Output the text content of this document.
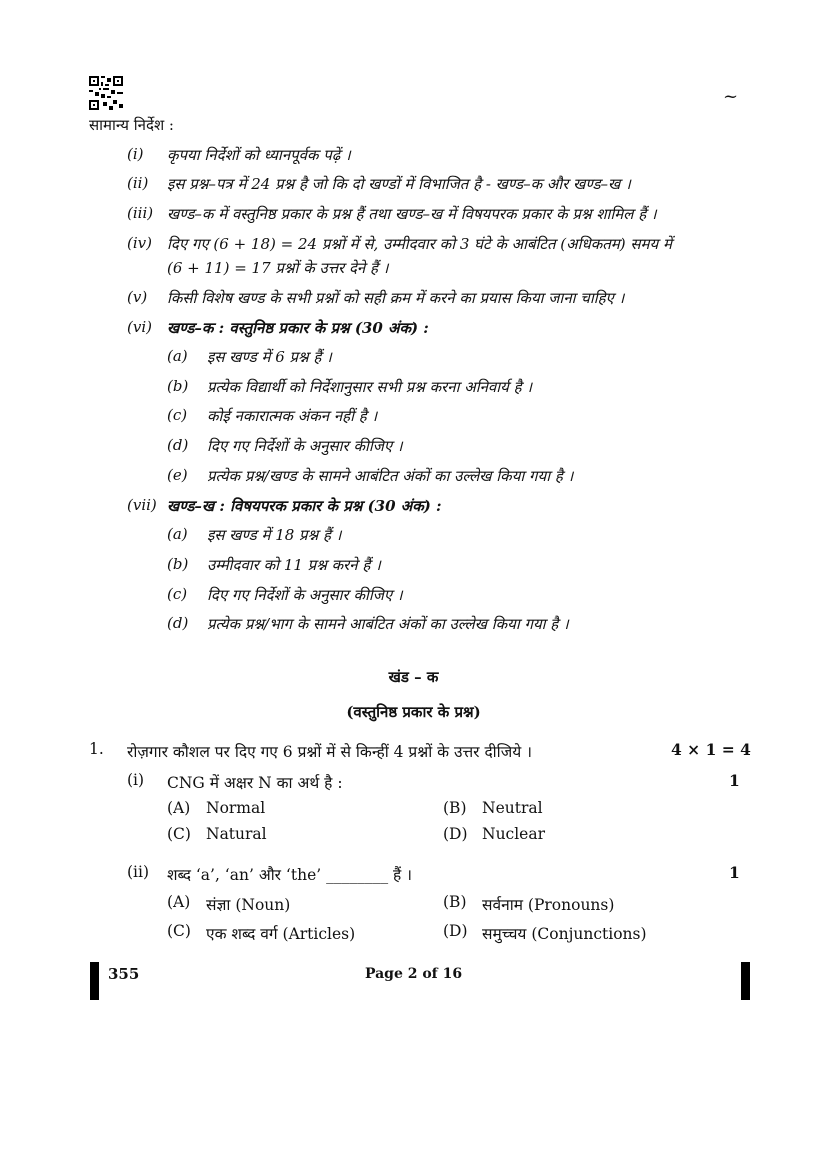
~
सामान्य निर्देश :
(i) कृपया निर्देशों को ध्यानपूर्वक पढ़ें ।
(ii) इस प्रश्न–पत्र में 24 प्रश्न है जो कि दो खण्डों में विभाजित है - खण्ड–क और खण्ड–ख ।
(iii) खण्ड–क में वस्तुनिष्ठ प्रकार के प्रश्न हैं तथा खण्ड–ख में विषयपरक प्रकार के प्रश्न शामिल हैं ।
(iv) दिए गए (6 + 18) = 24 प्रश्नों में से, उम्मीदवार को 3 घंटे के आबंटित (अधिकतम) समय में
(6 + 11) = 17 प्रश्नों के उत्तर देने हैं ।
(v) किसी विशेष खण्ड के सभी प्रश्नों को सही क्रम में करने का प्रयास किया जाना चाहिए ।
(vi) खण्ड–क : वस्तुनिष्ठ प्रकार के प्रश्न (30 अंक) :
(a) इस खण्ड में 6 प्रश्न हैं ।
(b) प्रत्येक विद्यार्थी को निर्देशानुसार सभी प्रश्न करना अनिवार्य है ।
(c) कोई नकारात्मक अंकन नहीं है ।
(d) दिए गए निर्देशों के अनुसार कीजिए ।
(e) प्रत्येक प्रश्न/खण्ड के सामने आबंटित अंकों का उल्लेख किया गया है ।
(vii) खण्ड–ख : विषयपरक प्रकार के प्रश्न (30 अंक) :
(a) इस खण्ड में 18 प्रश्न हैं ।
(b) उम्मीदवार को 11 प्रश्न करने हैं ।
(c) दिए गए निर्देशों के अनुसार कीजिए ।
(d) प्रत्येक प्रश्न/भाग के सामने आबंटित अंकों का उल्लेख किया गया है ।
खंड – क
(वस्तुनिष्ठ प्रकार के प्रश्न)
1. रोज़गार कौशल पर दिए गए 6 प्रश्नों में से किन्हीं 4 प्रश्नों के उत्तर दीजिये ।	4 × 1 = 4
(i) CNG में अक्षर N का अर्थ है :	1
(A) Normal	(B) Neutral
(C) Natural	(D) Nuclear
(ii) शब्द ‘a’, ‘an’ और ‘the’ ________ हैं ।	1
(A) संज्ञा (Noun)	(B) सर्वनाम (Pronouns)
(C) एक शब्द वर्ग (Articles)	(D) समुच्चय (Conjunctions)
355	Page 2 of 16
